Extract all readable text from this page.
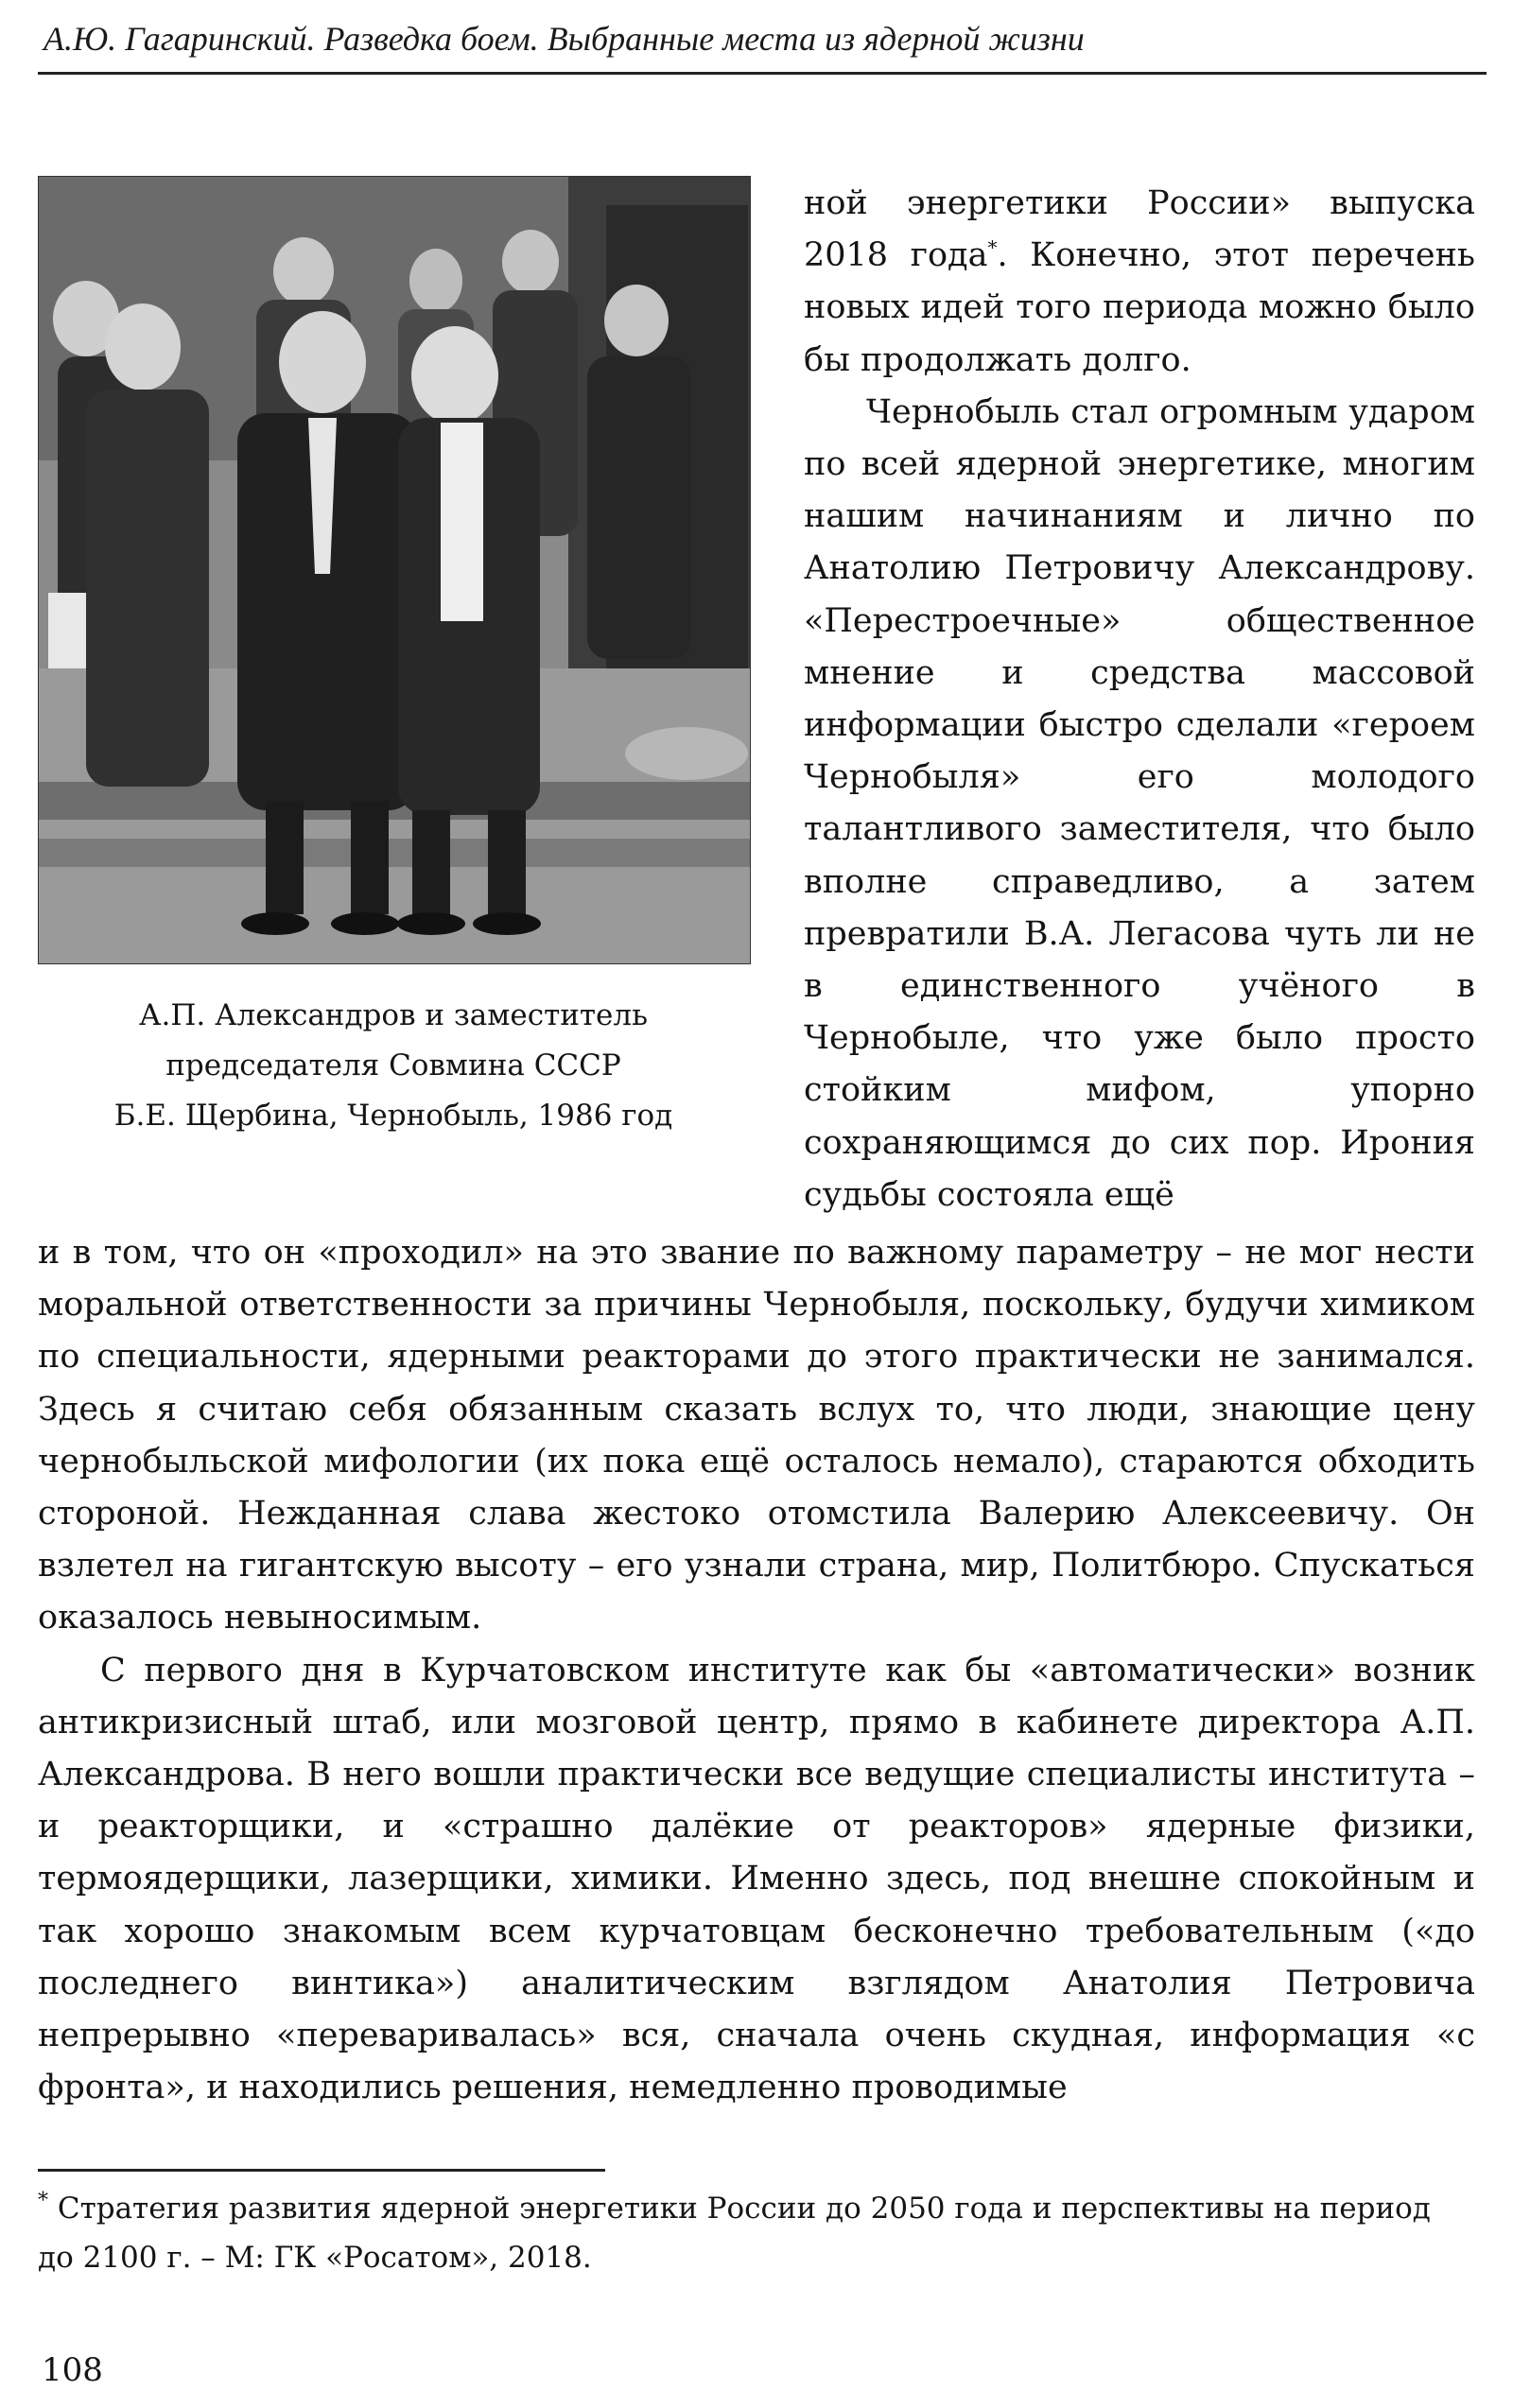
А.Ю. Гагаринский. Разведка боем. Выбранные места из ядерной жизни
А.П. Александров и заместитель
председателя Совмина СССР
Б.Е. Щербина, Чернобыль, 1986 год

ной энергетики России» выпуска 2018 года*. Конечно, этот перечень новых идей того периода можно было бы продолжать долго.

Чернобыль стал огромным ударом по всей ядерной энергетике, многим нашим начинаниям и лично по Анатолию Петровичу Александрову. «Перестроечные» общественное мнение и средства массовой информации быстро сделали «героем Чернобыля» его молодого талантливого заместителя, что было вполне справедливо, а затем превратили В.А. Легасова чуть ли не в единственного учёного в Чернобыле, что уже было просто стойким мифом, упорно сохраняющимся до сих пор. Ирония судьбы состояла ещё

и в том, что он «проходил» на это звание по важному параметру – не мог нести моральной ответственности за причины Чернобыля, поскольку, будучи химиком по специальности, ядерными реакторами до этого практически не занимался. Здесь я считаю себя обязанным сказать вслух то, что люди, знающие цену чернобыльской мифологии (их пока ещё осталось немало), стараются обходить стороной. Нежданная слава жестоко отомстила Валерию Алексеевичу. Он взлетел на гигантскую высоту – его узнали страна, мир, Политбюро. Спускаться оказалось невыносимым.

С первого дня в Курчатовском институте как бы «автоматически» возник антикризисный штаб, или мозговой центр, прямо в кабинете директора А.П. Александрова. В него вошли практически все ведущие специалисты института – и реакторщики, и «страшно далёкие от реакторов» ядерные физики, термоядерщики, лазерщики, химики. Именно здесь, под внешне спокойным и так хорошо знакомым всем курчатовцам бесконечно требовательным («до последнего винтика») аналитическим взглядом Анатолия Петровича непрерывно «переваривалась» вся, сначала очень скудная, информация «с фронта», и находились решения, немедленно проводимые

* Стратегия развития ядерной энергетики России до 2050 года и перспективы на период до 2100 г. – М: ГК «Росатом», 2018.
108
